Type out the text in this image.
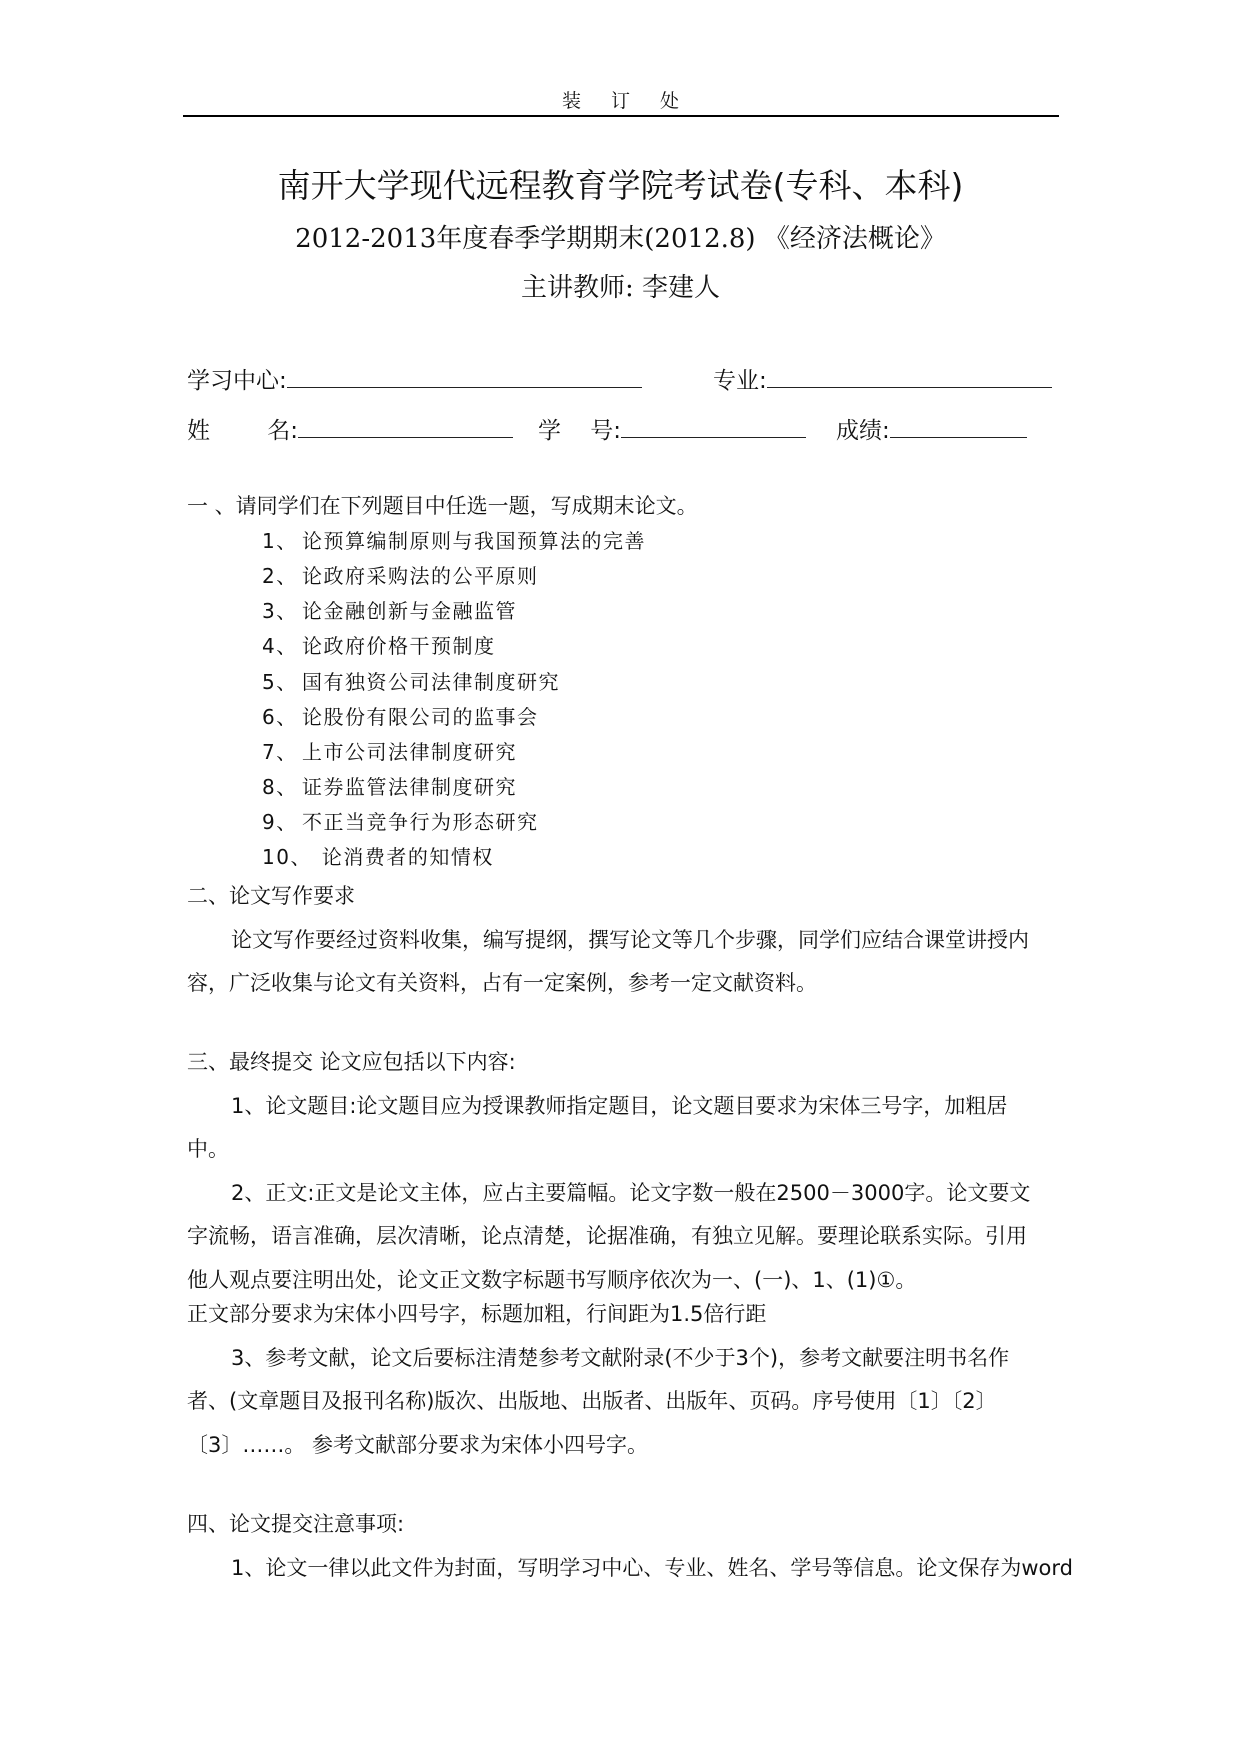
装订处
南开大学现代远程教育学院考试卷(专科、本科)
2012-2013年度春季学期期末(2012.8) 《经济法概论》
主讲教师: 李建人
学习中心:	专业:
姓 名:	学 号:	成绩:
一 、请同学们在下列题目中任选一题，写成期末论文。
1、 论预算编制原则与我国预算法的完善
2、 论政府采购法的公平原则
3、 论金融创新与金融监管
4、 论政府价格干预制度
5、 国有独资公司法律制度研究
6、 论股份有限公司的监事会
7、 上市公司法律制度研究
8、 证券监管法律制度研究
9、 不正当竞争行为形态研究
10、 论消费者的知情权
二、论文写作要求
论文写作要经过资料收集，编写提纲，撰写论文等几个步骤，同学们应结合课堂讲授内
容，广泛收集与论文有关资料，占有一定案例，参考一定文献资料。
三、最终提交 论文应包括以下内容:
1、论文题目:论文题目应为授课教师指定题目，论文题目要求为宋体三号字，加粗居
中。
2、正文:正文是论文主体，应占主要篇幅。论文字数一般在2500－3000字。论文要文
字流畅，语言准确，层次清晰，论点清楚，论据准确，有独立见解。要理论联系实际。引用
他人观点要注明出处，论文正文数字标题书写顺序依次为一、(一)、1、(1)①。
正文部分要求为宋体小四号字，标题加粗，行间距为1.5倍行距
3、参考文献，论文后要标注清楚参考文献附录(不少于3个)，参考文献要注明书名作
者、(文章题目及报刊名称)版次、出版地、出版者、出版年、页码。序号使用〔1〕〔2〕
〔3〕……。 参考文献部分要求为宋体小四号字。
四、论文提交注意事项:
1、论文一律以此文件为封面，写明学习中心、专业、姓名、学号等信息。论文保存为word
